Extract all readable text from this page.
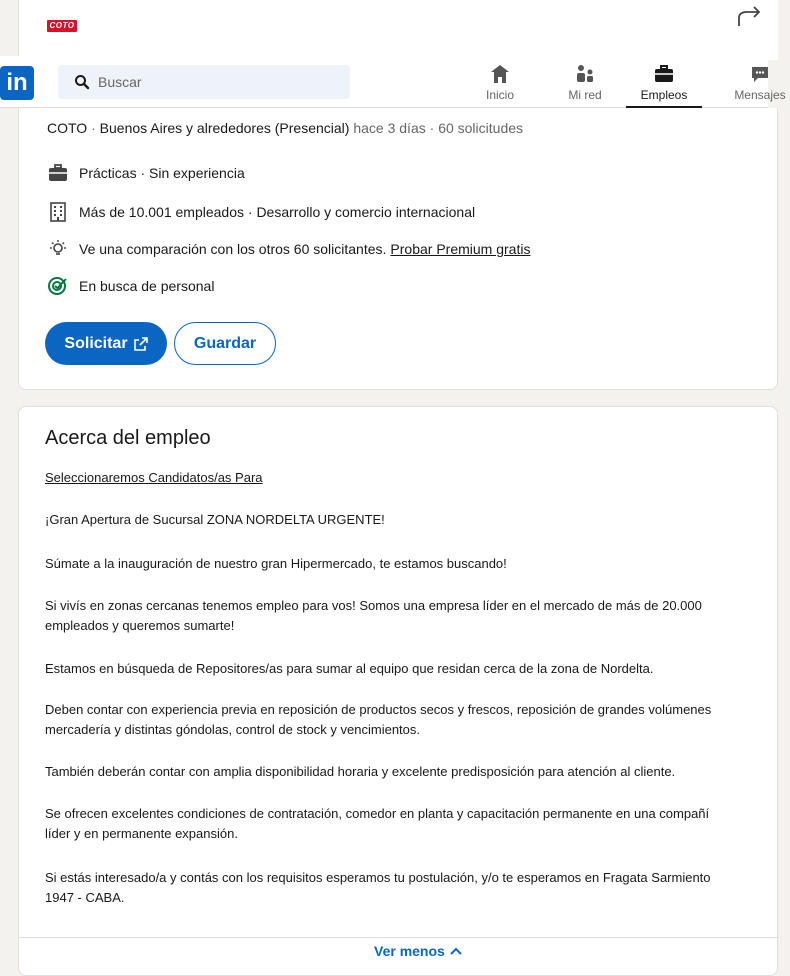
COTO
in
Buscar	Inicio	Mi red	Empleos	Mensajes
COTO · Buenos Aires y alrededores (Presencial) hace 3 días · 60 solicitudes
Prácticas · Sin experiencia
Más de 10.001 empleados · Desarrollo y comercio internacional
Ve una comparación con los otros 60 solicitantes. Probar Premium gratis
En busca de personal
Solicitar	Guardar
Acerca del empleo
Seleccionaremos Candidatos/as Para
¡Gran Apertura de Sucursal ZONA NORDELTA URGENTE!
Súmate a la inauguración de nuestro gran Hipermercado, te estamos buscando!
Si vivís en zonas cercanas tenemos empleo para vos! Somos una empresa líder en el mercado de más de 20.000
empleados y queremos sumarte!
Estamos en búsqueda de Repositores/as para sumar al equipo que residan cerca de la zona de Nordelta.
Deben contar con experiencia previa en reposición de productos secos y frescos, reposición de grandes volúmenes
mercadería y distintas góndolas, control de stock y vencimientos.
También deberán contar con amplia disponibilidad horaria y excelente predisposición para atención al cliente.
Se ofrecen excelentes condiciones de contratación, comedor en planta y capacitación permanente en una compañí
líder y en permanente expansión.
Si estás interesado/a y contás con los requisitos esperamos tu postulación, y/o te esperamos en Fragata Sarmiento
1947 - CABA.
Ver menos
